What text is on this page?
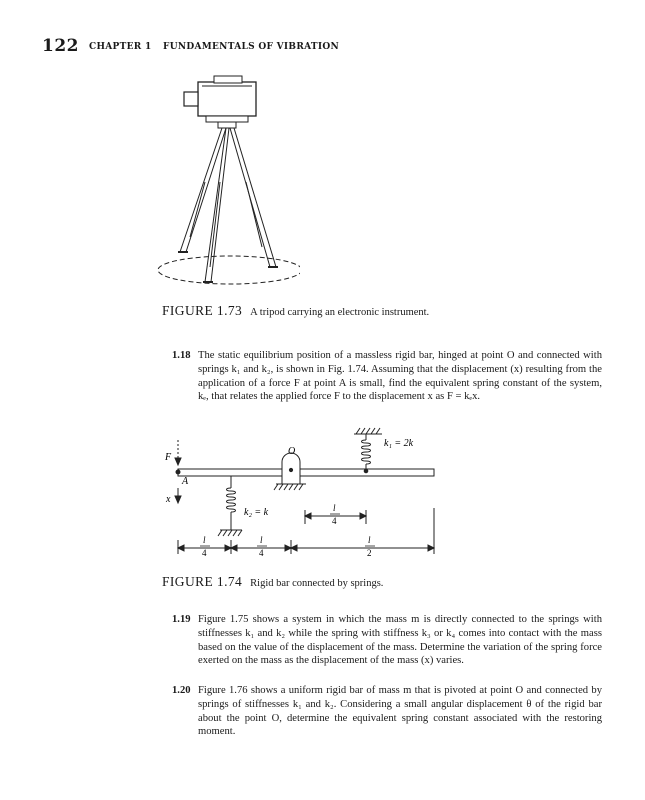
122 CHAPTER 1 FUNDAMENTALS OF VIBRATION
FIGURE 1.73 A tripod carrying an electronic instrument.
1.18 The static equilibrium position of a massless rigid bar, hinged at point O and connected with springs k₁ and k₂, is shown in Fig. 1.74. Assuming that the displacement (x) resulting from the application of a force F at point A is small, find the equivalent spring constant of the system, kₑ, that relates the applied force F to the displacement x as F = kₑx.
k₁ = 2k
k₂ = k
O
F
A
x
l
4
l
4
l
4
l
2
FIGURE 1.74 Rigid bar connected by springs.
1.19 Figure 1.75 shows a system in which the mass m is directly connected to the springs with stiffnesses k₁ and k₂ while the spring with stiffness k₃ or k₄ comes into contact with the mass based on the value of the displacement of the mass. Determine the variation of the spring force exerted on the mass as the displacement of the mass (x) varies.
1.20 Figure 1.76 shows a uniform rigid bar of mass m that is pivoted at point O and connected by springs of stiffnesses k₁ and k₂. Considering a small angular displacement θ of the rigid bar about the point O, determine the equivalent spring constant associated with the restoring moment.
